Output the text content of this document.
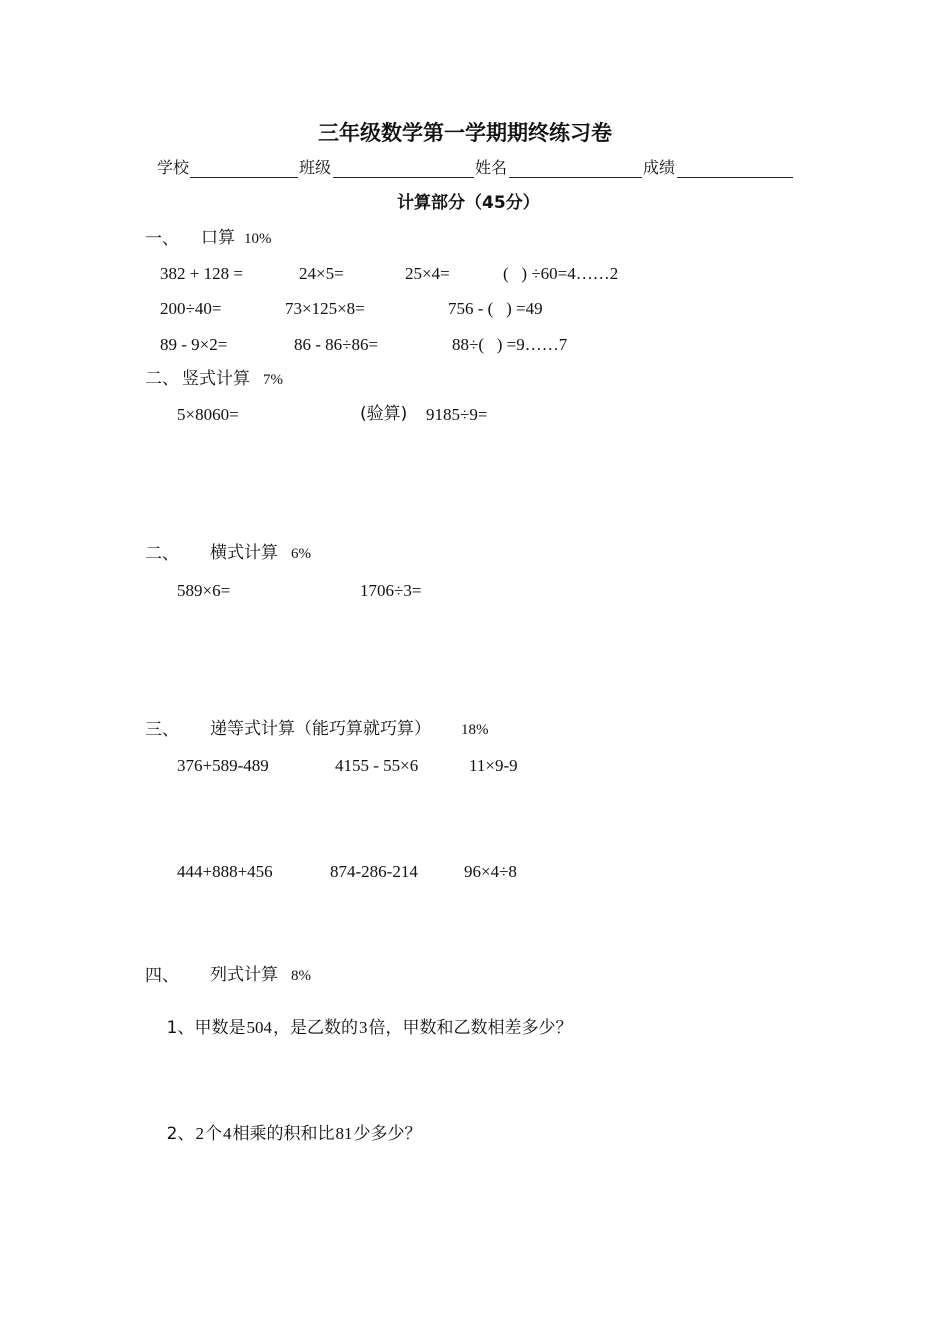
三年级数学第一学期期终练习卷
学校	班级	姓名	成绩
计算部分（45分）
一、 口算 10%
382 + 128 =	24×5=	25×4=	(   ) ÷60=4……2
200÷40=	73×125×8=	756 - (   ) =49
89 - 9×2=	86 - 86÷86=	88÷(   ) =9……7
二、 竖式计算 7%
5×8060=	(验算) 9185÷9=
二、 横式计算 6%
589×6=	1706÷3=
三、 递等式计算（能巧算就巧算） 18%
376+589-489	4155 - 55×6	11×9-9
444+888+456	874-286-214	96×4÷8
四、 列式计算 8%

1、甲数是504，是乙数的3倍，甲数和乙数相差多少？

2、2个4相乘的积和比81少多少？
